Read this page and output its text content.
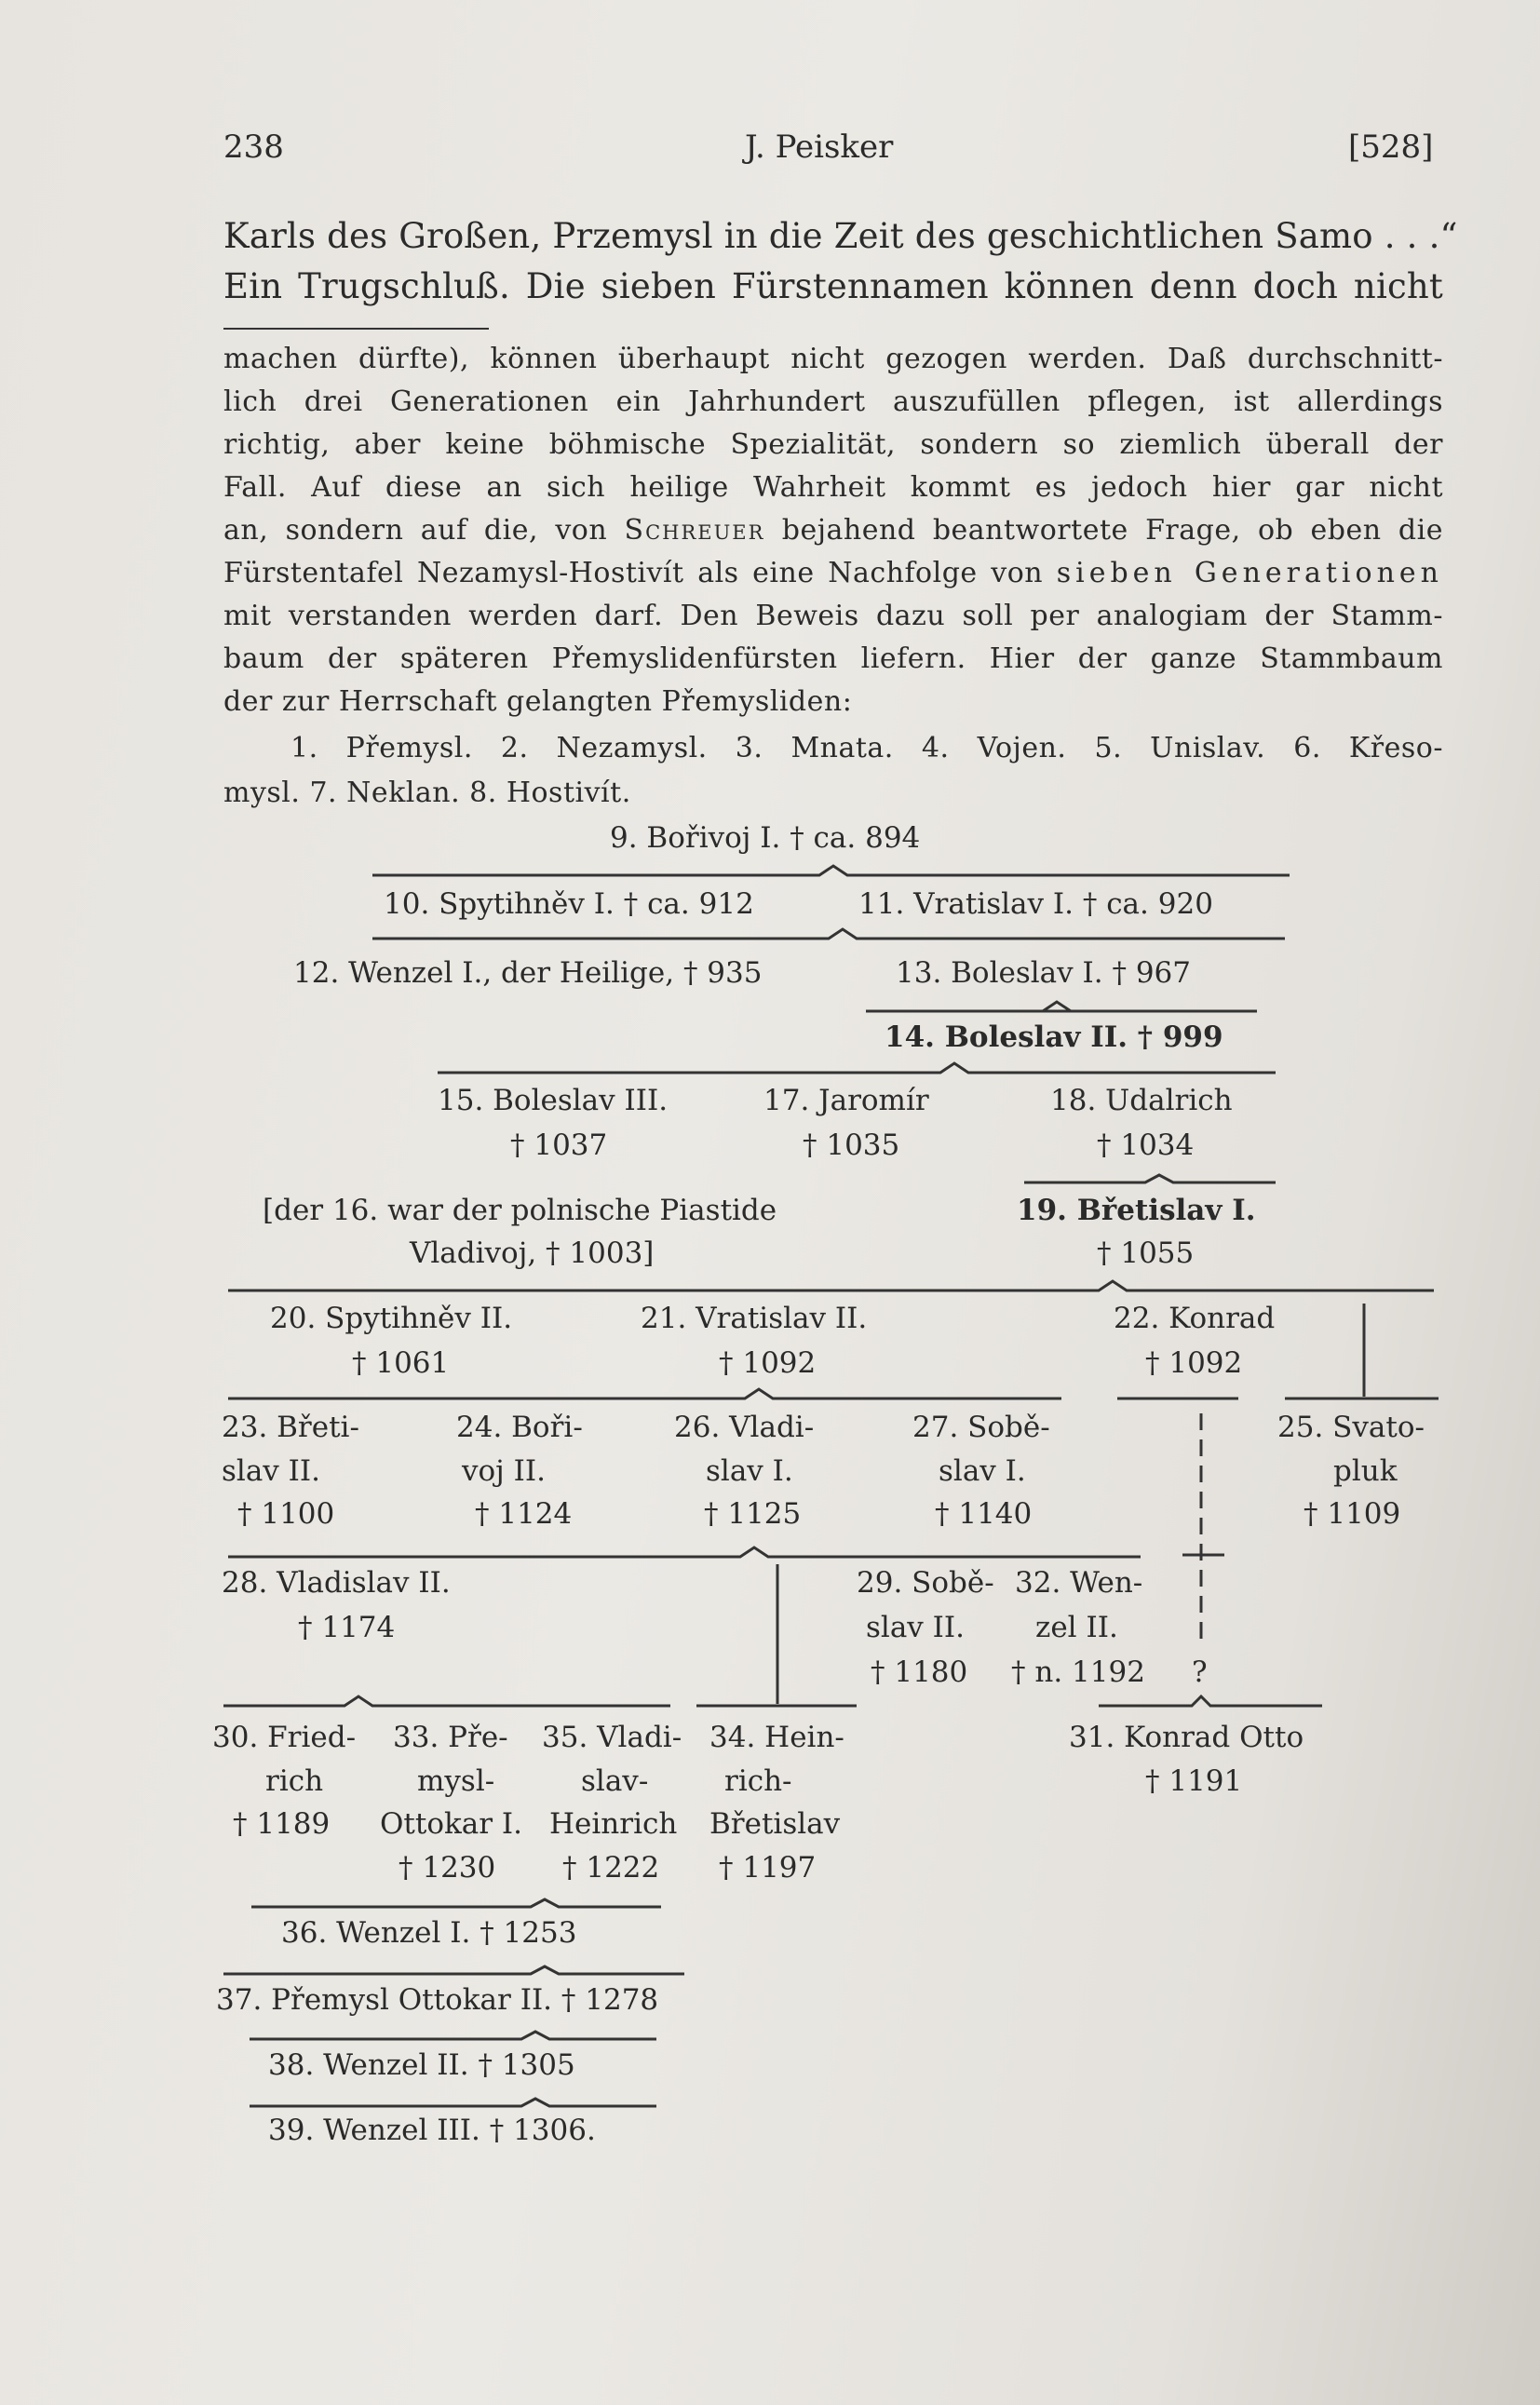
238	J. Peisker	[528]
Karls des Großen, Przemysl in die Zeit des geschichtlichen Samo . . .“
Ein Trugschluß. Die sieben Fürstennamen können denn doch nicht
machen dürfte), können überhaupt nicht gezogen werden. Daß durchschnitt-
lich drei Generationen ein Jahrhundert auszufüllen pflegen, ist allerdings
richtig, aber keine böhmische Spezialität, sondern so ziemlich überall der
Fall. Auf diese an sich heilige Wahrheit kommt es jedoch hier gar nicht
an, sondern auf die, von Schreuer bejahend beantwortete Frage, ob eben die
Fürstentafel Nezamysl-Hostivít als eine Nachfolge von sieben Generationen
mit verstanden werden darf. Den Beweis dazu soll per analogiam der Stamm-
baum der späteren Přemyslidenfürsten liefern. Hier der ganze Stammbaum
der zur Herrschaft gelangten Přemysliden:
1. Přemysl. 2. Nezamysl. 3. Mnata. 4. Vojen. 5. Unislav. 6. Křeso-
mysl. 7. Neklan. 8. Hostivít.
9. Bořivoj I. † ca. 894
10. Spytihněv I. † ca. 912	11. Vratislav I. † ca. 920
12. Wenzel I., der Heilige, † 935	13. Boleslav I. † 967
14. Boleslav II. † 999
15. Boleslav III.
† 1037
17. Jaromír
† 1035
18. Udalrich
† 1034
[der 16. war der polnische Piastide
Vladivoj, † 1003]
19. Břetislav I.
† 1055
20. Spytihněv II.
† 1061
21. Vratislav II.
† 1092
22. Konrad
† 1092
23. Břeti-
slav II.
† 1100
24. Boři-
voj II.
† 1124
26. Vladi-
slav I.
† 1125
27. Sobě-
slav I.
† 1140
25. Svato-
pluk
† 1109
28. Vladislav II.
† 1174
29. Sobě-
slav II.
† 1180
32. Wen-
zel II.
† n. 1192 ?
30. Fried-
rich
† 1189
33. Pře-
mysl-
Ottokar I.
† 1230
35. Vladi-
slav-
Heinrich
† 1222
34. Hein-
rich-
Břetislav
† 1197
31. Konrad Otto
† 1191
36. Wenzel I. † 1253
37. Přemysl Ottokar II. † 1278
38. Wenzel II. † 1305
39. Wenzel III. † 1306.
